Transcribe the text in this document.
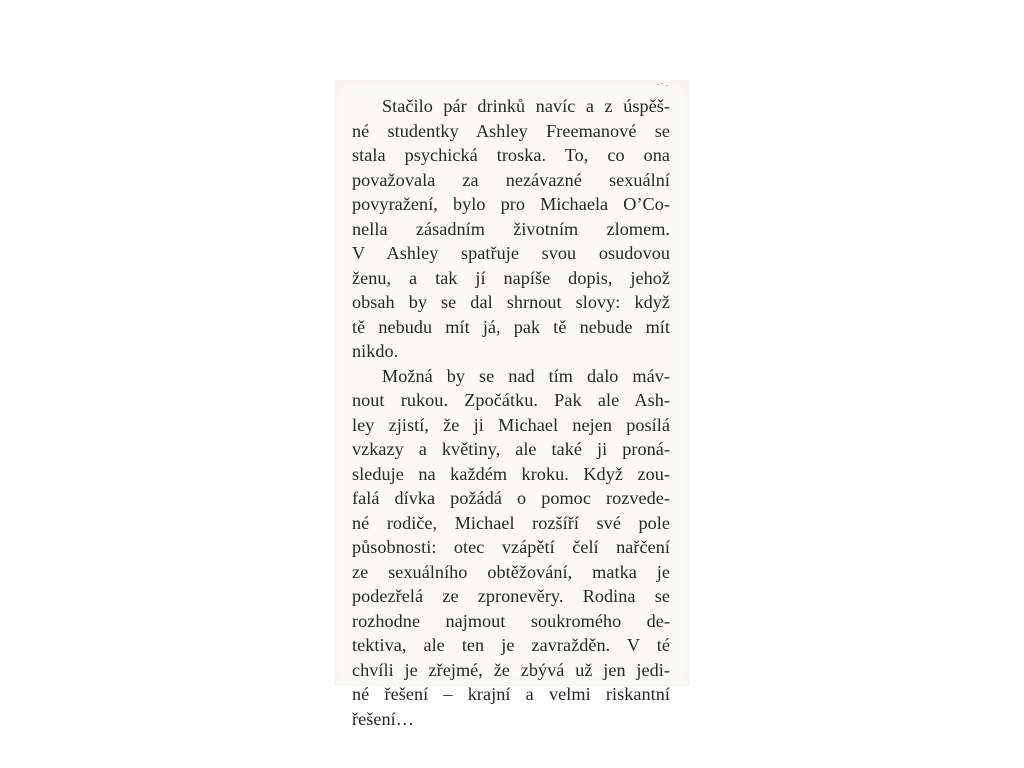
Stačilo pár drinků navíc a z úspěš-
né studentky Ashley Freemanové se
stala psychická troska. To, co ona
považovala za nezávazné sexuální
povyražení, bylo pro Michaela O’Co-
nella zásadním životním zlomem.
V Ashley spatřuje svou osudovou
ženu, a tak jí napíše dopis, jehož
obsah by se dal shrnout slovy: když
tě nebudu mít já, pak tě nebude mít
nikdo.

Možná by se nad tím dalo máv-
nout rukou. Zpočátku. Pak ale Ash-
ley zjistí, že ji Michael nejen posílá
vzkazy a květiny, ale také ji proná-
sleduje na každém kroku. Když zou-
falá dívka požádá o pomoc rozvede-
né rodiče, Michael rozšíří své pole
působnosti: otec vzápětí čelí nařčení
ze sexuálního obtěžování, matka je
podezřelá ze zpronevěry. Rodina se
rozhodne najmout soukromého de-
tektiva, ale ten je zavražděn. V té
chvíli je zřejmé, že zbývá už jen jedi-
né řešení – krajní a velmi riskantní
řešení…
